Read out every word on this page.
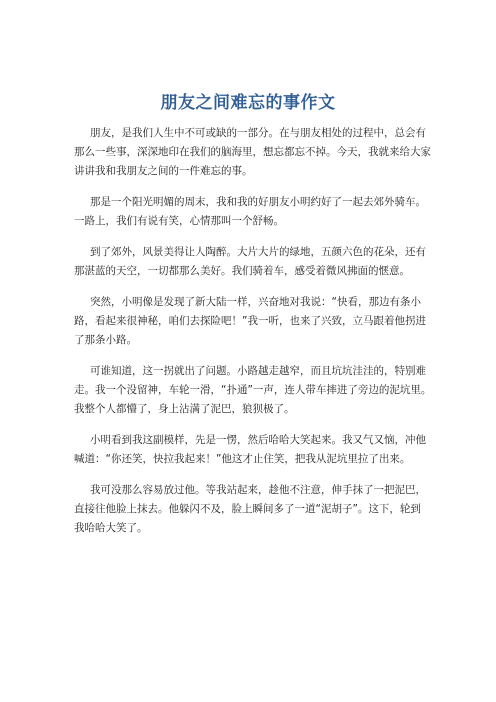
朋友之间难忘的事作文
朋友，是我们人生中不可或缺的一部分。在与朋友相处的过程中，总会有
那么一些事，深深地印在我们的脑海里，想忘都忘不掉。今天，我就来给大家
讲讲我和我朋友之间的一件难忘的事。
那是一个阳光明媚的周末，我和我的好朋友小明约好了一起去郊外骑车。
一路上，我们有说有笑，心情那叫一个舒畅。
到了郊外，风景美得让人陶醉。大片大片的绿地，五颜六色的花朵，还有
那湛蓝的天空，一切都那么美好。我们骑着车，感受着微风拂面的惬意。
突然，小明像是发现了新大陆一样，兴奋地对我说：“快看，那边有条小
路，看起来很神秘，咱们去探险吧！”我一听，也来了兴致，立马跟着他拐进
了那条小路。
可谁知道，这一拐就出了问题。小路越走越窄，而且坑坑洼洼的，特别难
走。我一个没留神，车轮一滑，“扑通”一声，连人带车摔进了旁边的泥坑里。
我整个人都懵了，身上沾满了泥巴，狼狈极了。
小明看到我这副模样，先是一愣，然后哈哈大笑起来。我又气又恼，冲他
喊道：“你还笑，快拉我起来！”他这才止住笑，把我从泥坑里拉了出来。
我可没那么容易放过他。等我站起来，趁他不注意，伸手抹了一把泥巴，
直接往他脸上抹去。他躲闪不及，脸上瞬间多了一道“泥胡子”。这下，轮到
我哈哈大笑了。
